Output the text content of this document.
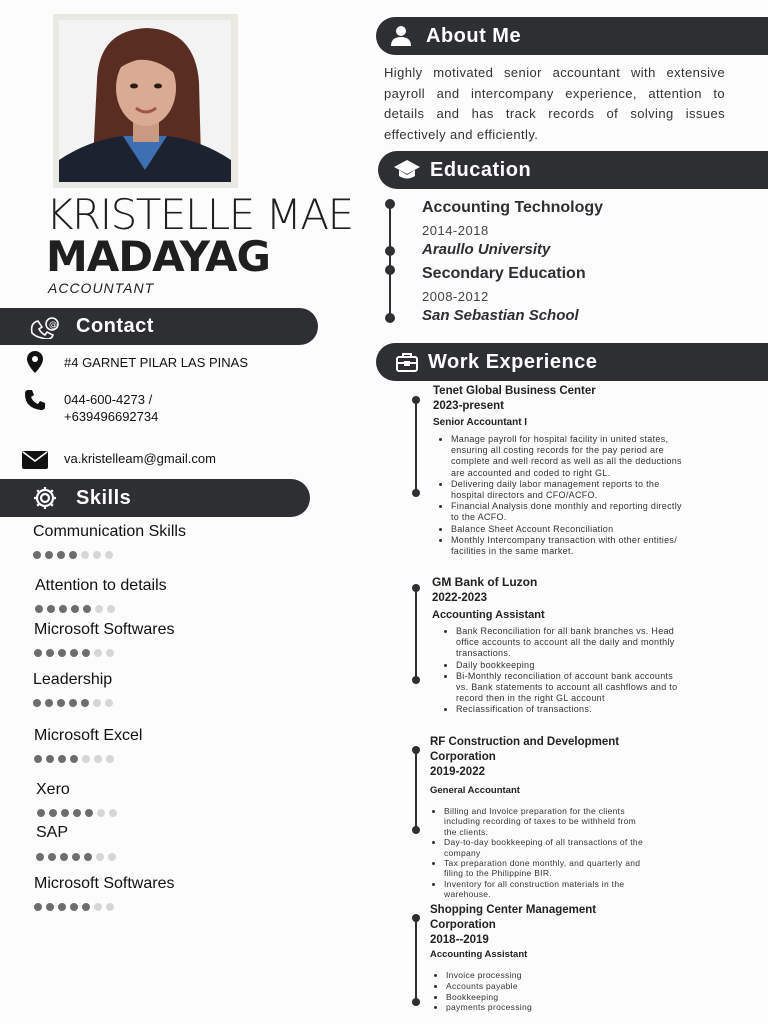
KRISTELLE MAE
MADAYAG
ACCOUNTANT
@ Contact
#4 GARNET PILAR LAS PINAS
044-600-4273 /
+639496692734
va.kristelleam@gmail.com
Skills
Communication Skills
Attention to details
Microsoft Softwares
Leadership
Microsoft Excel
Xero
SAP
Microsoft Softwares
About Me
Highly motivated senior accountant with extensive payroll and intercompany experience, attention to details and has track records of solving issues effectively and efficiently.
Education
Accounting Technology
2014-2018
Araullo University
Secondary Education
2008-2012
San Sebastian School
Work Experience
Tenet Global Business Center
2023-present
Senior Accountant I
• Manage payroll for hospital facility in united states, ensuring all costing records for the pay period are complete and well record as well as all the deductions are accounted and coded to right GL.
• Delivering daily labor management reports to the hospital directors and CFO/ACFO.
• Financial Analysis done monthly and reporting directly to the ACFO.
• Balance Sheet Account Reconciliation
• Monthly Intercompany transaction with other entities/ facilities in the same market.
GM Bank of Luzon
2022-2023
Accounting Assistant
• Bank Reconciliation for all bank branches vs. Head office accounts to account all the daily and monthly transactions.
• Daily bookkeeping
• Bi-Monthly reconciliation of account bank accounts vs. Bank statements to account all cashflows and to record then in the right GL account
• Reclassification of transactions.
RF Construction and Development Corporation
2019-2022
General Accountant
• Billing and Invoice preparation for the clients including recording of taxes to be withheld from the clients.
• Day-to-day bookkeeping of all transactions of the company
• Tax preparation done monthly, and quarterly and filing to the Philippine BIR.
• Inventory for all construction materials in the warehouse.
Shopping Center Management Corporation
2018--2019
Accounting Assistant
• Invoice processing
• Accounts payable
• Bookkeeping
• payments processing
